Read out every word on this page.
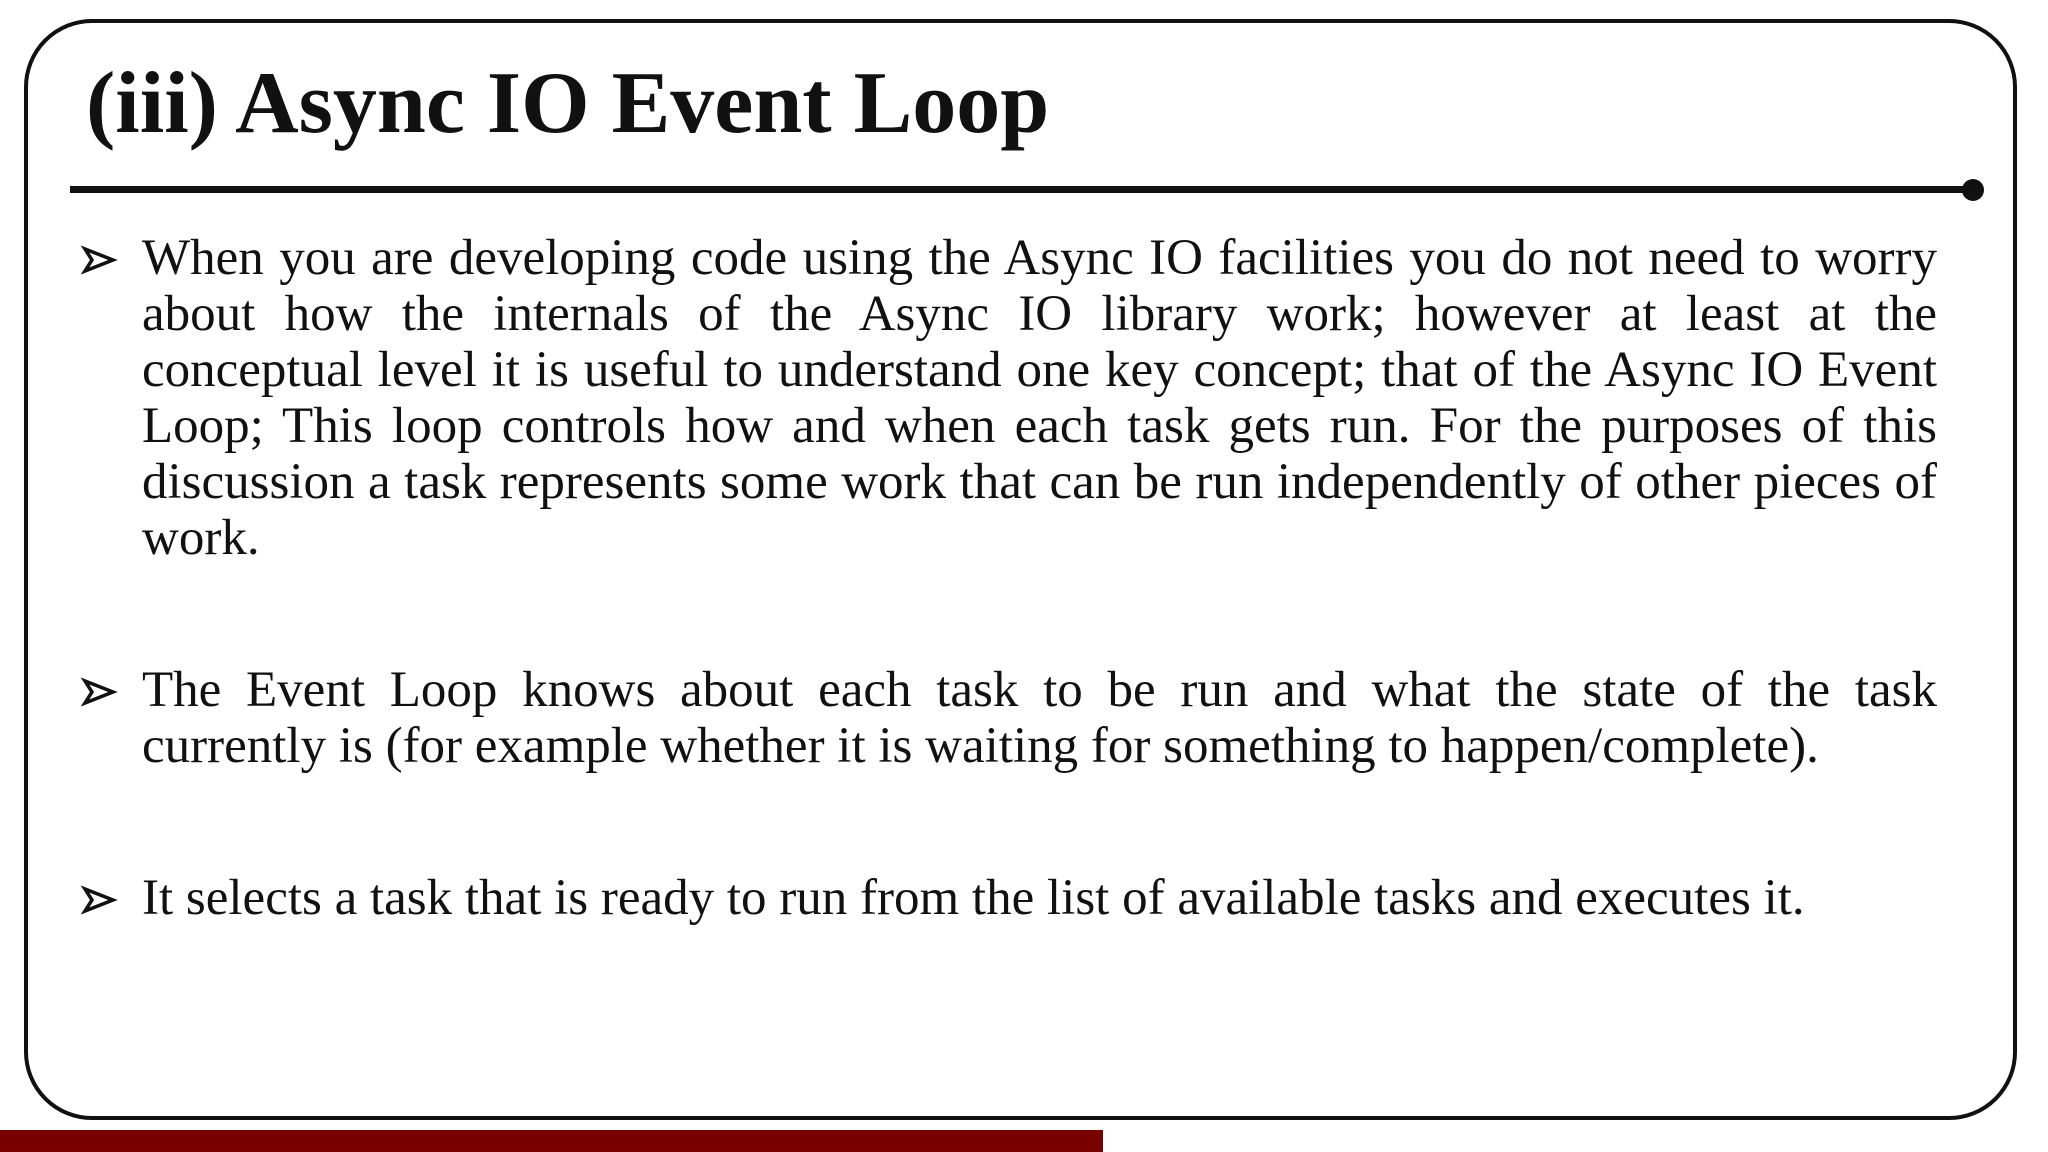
(iii) Async IO Event Loop
When you are developing code using the Async IO facilities you do not need to worry about how the internals of the Async IO library work; however at least at the conceptual level it is useful to understand one key concept; that of the Async IO Event Loop; This loop controls how and when each task gets run. For the purposes of this discussion a task represents some work that can be run independently of other pieces of work.
The Event Loop knows about each task to be run and what the state of the task currently is (for example whether it is waiting for something to happen/complete).
It selects a task that is ready to run from the list of available tasks and executes it.
